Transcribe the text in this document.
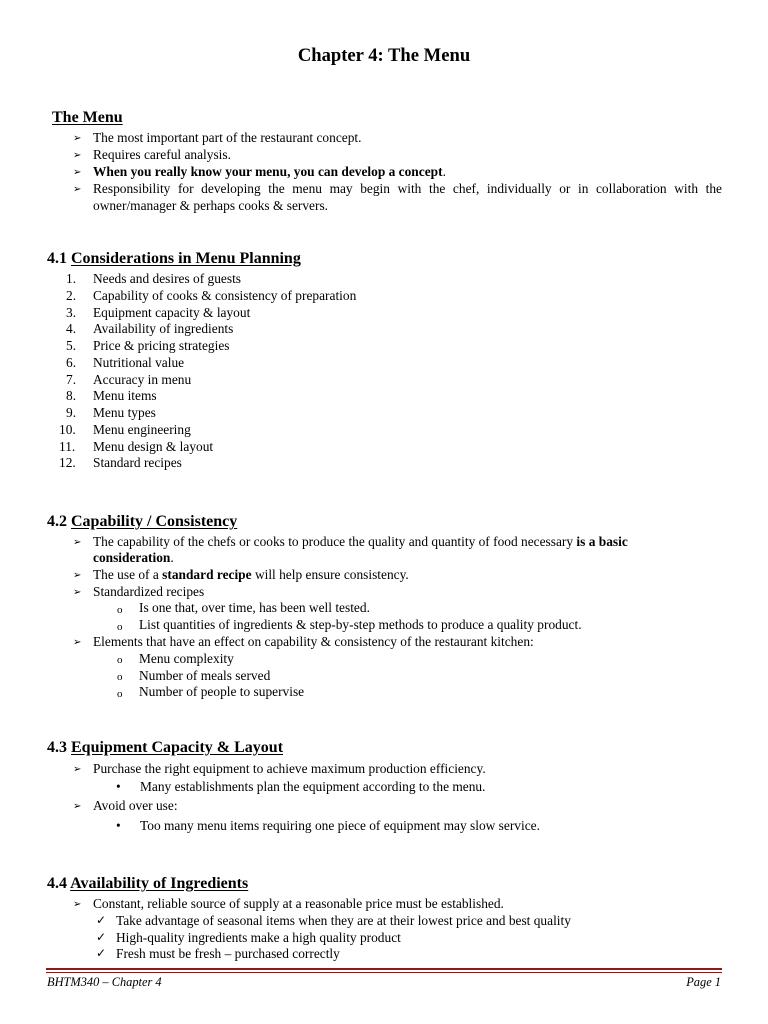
Chapter 4: The Menu
The Menu
➢ The most important part of the restaurant concept.
➢ Requires careful analysis.
➢ When you really know your menu, you can develop a concept.
➢ Responsibility for developing the menu may begin with the chef, individually or in collaboration with the owner/manager & perhaps cooks & servers.
4.1 Considerations in Menu Planning
1. Needs and desires of guests
2. Capability of cooks & consistency of preparation
3. Equipment capacity & layout
4. Availability of ingredients
5. Price & pricing strategies
6. Nutritional value
7. Accuracy in menu
8. Menu items
9. Menu types
10. Menu engineering
11. Menu design & layout
12. Standard recipes
4.2 Capability / Consistency
➢ The capability of the chefs or cooks to produce the quality and quantity of food necessary is a basic
consideration.
➢ The use of a standard recipe will help ensure consistency.
➢ Standardized recipes
o Is one that, over time, has been well tested.
o List quantities of ingredients & step-by-step methods to produce a quality product.
➢ Elements that have an effect on capability & consistency of the restaurant kitchen:
o Menu complexity
o Number of meals served
o Number of people to supervise
4.3 Equipment Capacity & Layout
➢ Purchase the right equipment to achieve maximum production efficiency.
• Many establishments plan the equipment according to the menu.
➢ Avoid over use:
• Too many menu items requiring one piece of equipment may slow service.
4.4 Availability of Ingredients
➢ Constant, reliable source of supply at a reasonable price must be established.
✓ Take advantage of seasonal items when they are at their lowest price and best quality
✓ High-quality ingredients make a high quality product
✓ Fresh must be fresh – purchased correctly
BHTM340 – Chapter 4	Page 1
